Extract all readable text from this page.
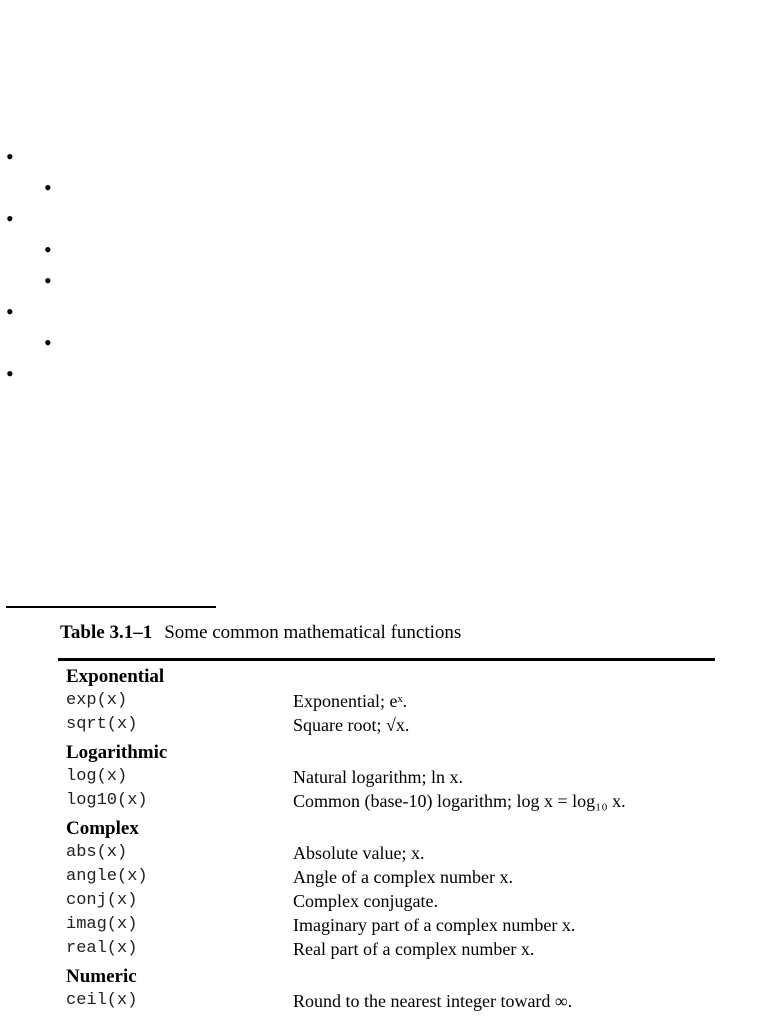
•
•
•
•
•
•
•
•
Table 3.1–1 Some common mathematical functions
Exponential
exp(x)	Exponential; eˣ.
sqrt(x)	Square root; √x.
Logarithmic
log(x)	Natural logarithm; ln x.
log10(x)	Common (base-10) logarithm; log x = log₁₀ x.
Complex
abs(x)	Absolute value; x.
angle(x)	Angle of a complex number x.
conj(x)	Complex conjugate.
imag(x)	Imaginary part of a complex number x.
real(x)	Real part of a complex number x.
Numeric
ceil(x)	Round to the nearest integer toward ∞.
